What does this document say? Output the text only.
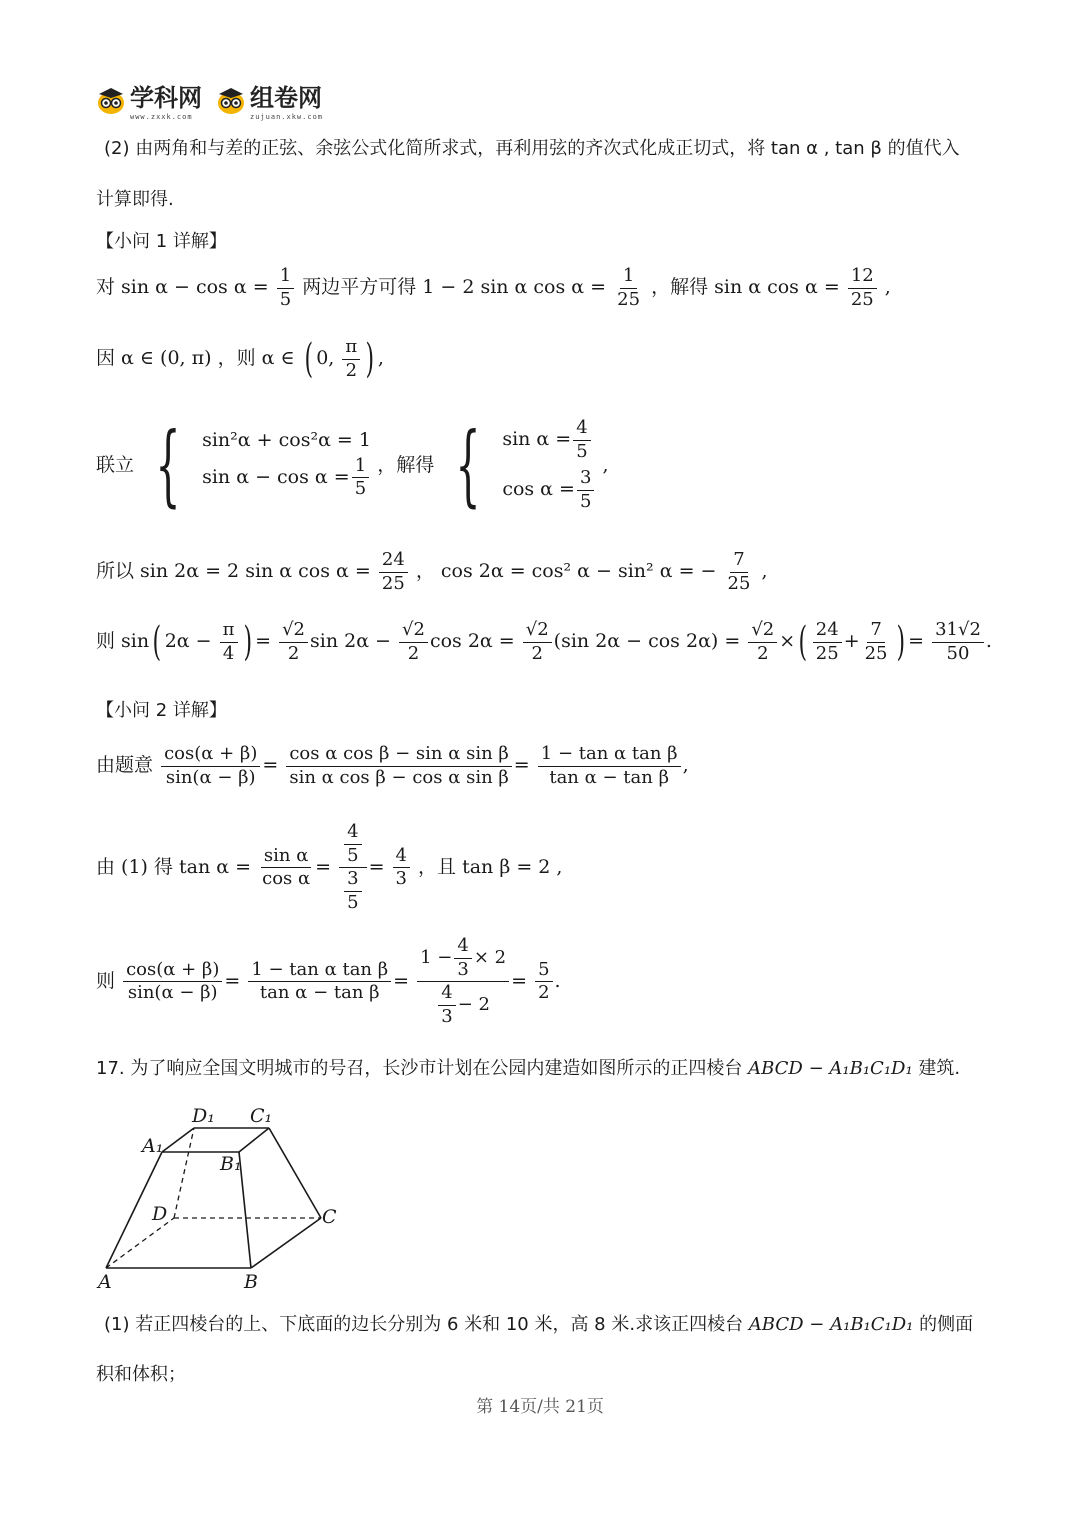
学科网
www.zxxk.com
组卷网
zujuan.xkw.com
(2) 由两角和与差的正弦、余弦公式化简所求式，再利用弦的齐次式化成正切式，将 tan α , tan β 的值代入
计算即得.
【小问 1 详解】
对 $\sin \alpha - \cos \alpha = \frac{1}{5}$ 两边平方可得 1 − 2 sin α $\cos \alpha = \frac{1}{25}$ ，解得 sin α $\cos \alpha = \frac{12}{25}$ ,
因 α ∈ (0, π) ，则 α ∈ ( 0, $\frac{\pi}{2}$ ) ,
联立 { sin²α + cos²α = 1
$\sin \alpha - \cos \alpha = \frac{1}{5}$ ，解得 { $\sin \alpha = \frac{4}{5}$
$\cos \alpha = \frac{3}{5}$
,
所以 sin 2α = 2 sin α $\cos \alpha = \frac{24}{25}$ ， cos 2α = cos² α − sin² α = − $\frac{7}{25}$ ,
则 sin( $2\alpha - \frac{\pi}{4}$ ) = $\frac{√2}{2}$ $\sin 2\alpha - \frac{√2}{2}$ $\cos 2\alpha = \frac{√2}{2} (\sin$ $2\alpha - \cos 2\alpha) = \frac{√2}{2}$ ×( $\frac{24}{25} + \frac{7}{25}$ ) = $\frac{31√2}{50}$ .
【小问 2 详解】
由题意 $\frac{\cos(\alpha + \beta)}{\sin(\alpha - \beta)} = \frac{\text{cos α cos β − sin α sin β}}{\text{sin α cos β − cos α sin β}} = \frac{\text{1 − tan α tan β}}{\text{tan α − tan β}}$ ,
由 (1) 得 $\tan \alpha = \frac{\text{sin α}}{\text{cos α}} = \frac{\frac{4}{5}}{\frac{3}{5}} = \frac{4}{3}$ ，且 tan β = 2 ,
则 $\frac{\cos(\alpha + \beta)}{\sin(\alpha - \beta)} = \frac{\text{1 − tan α tan β}}{\text{tan α − tan β}} = \frac{1 - \frac{4}{3} \times 2}{\frac{4}{3} - 2} = \frac{5}{2}$ .
17. 为了响应全国文明城市的号召，长沙市计划在公园内建造如图所示的正四棱台 ABCD − A₁B₁C₁D₁ 建筑.
A	B
C
D
A₁
B₁
C₁
D₁
(1) 若正四棱台的上、下底面的边长分别为 6 米和 10 米，高 8 米.求该正四棱台 ABCD − A₁B₁C₁D₁ 的侧面
积和体积；
第 14页/共 21页
